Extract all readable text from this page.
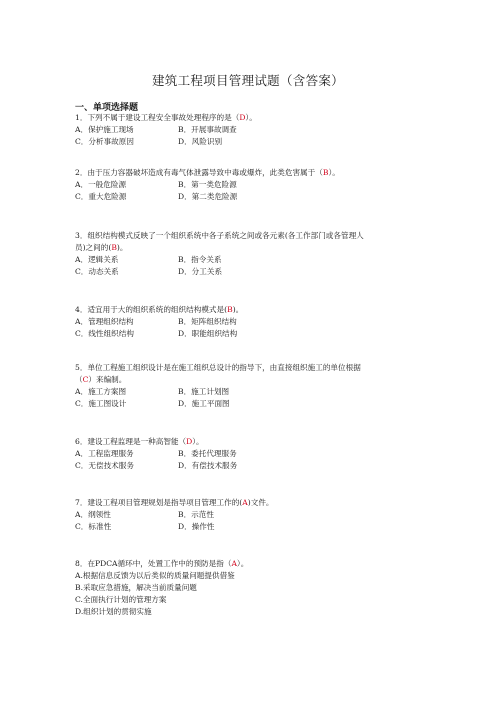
建筑工程项目管理试题（含答案）
一、单项选择题
1．下列不属于建设工程安全事故处理程序的是（D）。
A．保护施工现场	B．开展事故调查
C．分析事故原因	D．风险识别
2．由于压力容器破坏造成有毒气体泄露导致中毒或爆炸，此类危害属于（B）。
A．一般危险源	B．第一类危险源
C．重大危险源	D．第二类危险源
3．组织结构模式反映了一个组织系统中各子系统之间或各元素(各工作部门或各管理人员)之间的(B)。
A．逻辑关系	B．指令关系
C．动态关系	D．分工关系
4．适宜用于大的组织系统的组织结构模式是(B)。
A．管理组织结构	B．矩阵组织结构
C．线性组织结构	D．职能组织结构
5．单位工程施工组织设计是在施工组织总设计的指导下，由直接组织施工的单位根据（C）来编制。
A．施工方案图	B．施工计划图
C．施工图设计	D．施工平面图
6．建设工程监理是一种高智能（D）。
A．工程监理服务	B．委托代理服务
C．无偿技术服务	D．有偿技术服务
7．建设工程项目管理规划是指导项目管理工作的(A)文件。
A．纲领性	B．示范性
C．标准性	D．操作性
8．在PDCA循环中，处置工作中的预防是指（A）。
A.根据信息反馈为以后类似的质量问题提供借鉴
B.采取应急措施，解决当前质量问题
C.全面执行计划的管理方案
D.组织计划的贯彻实施
